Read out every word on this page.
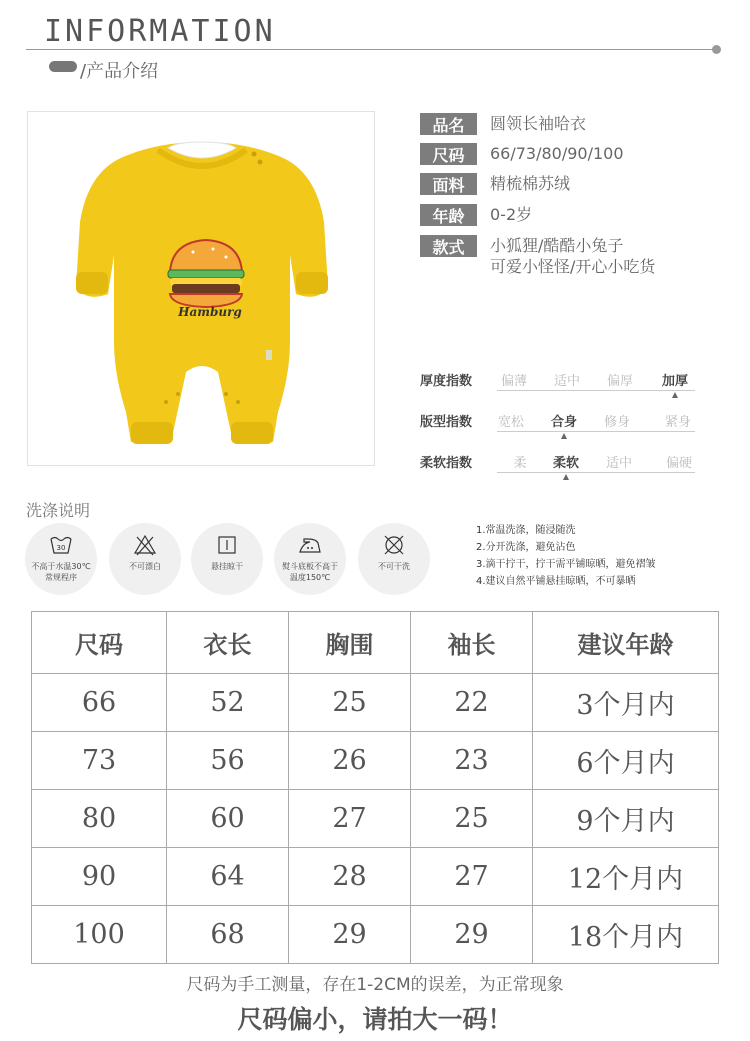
INFORMATION
/产品介绍
Hamburg
品名	圆领长袖哈衣
尺码	66/73/80/90/100
面料	精梳棉苏绒
年龄	0-2岁
款式	小狐狸/酷酷小兔子
可爱小怪怪/开心小吃货
厚度指数	偏薄	适中	偏厚	加厚
版型指数	宽松	合身	修身	紧身
柔软指数	柔	柔软	适中	偏硬
洗涤说明
30
不高于水温30℃
常规程序
不可漂白	悬挂晾干	熨斗底板不高于
温度150℃
不可干洗
1.常温洗涤，随浸随洗
2.分开洗涤，避免沾色
3.滴干拧干，拧干需平铺晾晒，避免褶皱
4.建议自然平铺悬挂晾晒，不可暴晒
尺码	衣长	胸围	袖长	建议年龄
66	52	25	22	3个月内
73	56	26	23	6个月内
80	60	27	25	9个月内
90	64	28	27	12个月内
100	68	29	29	18个月内
尺码为手工测量，存在1-2CM的误差，为正常现象
尺码偏小，请拍大一码！
